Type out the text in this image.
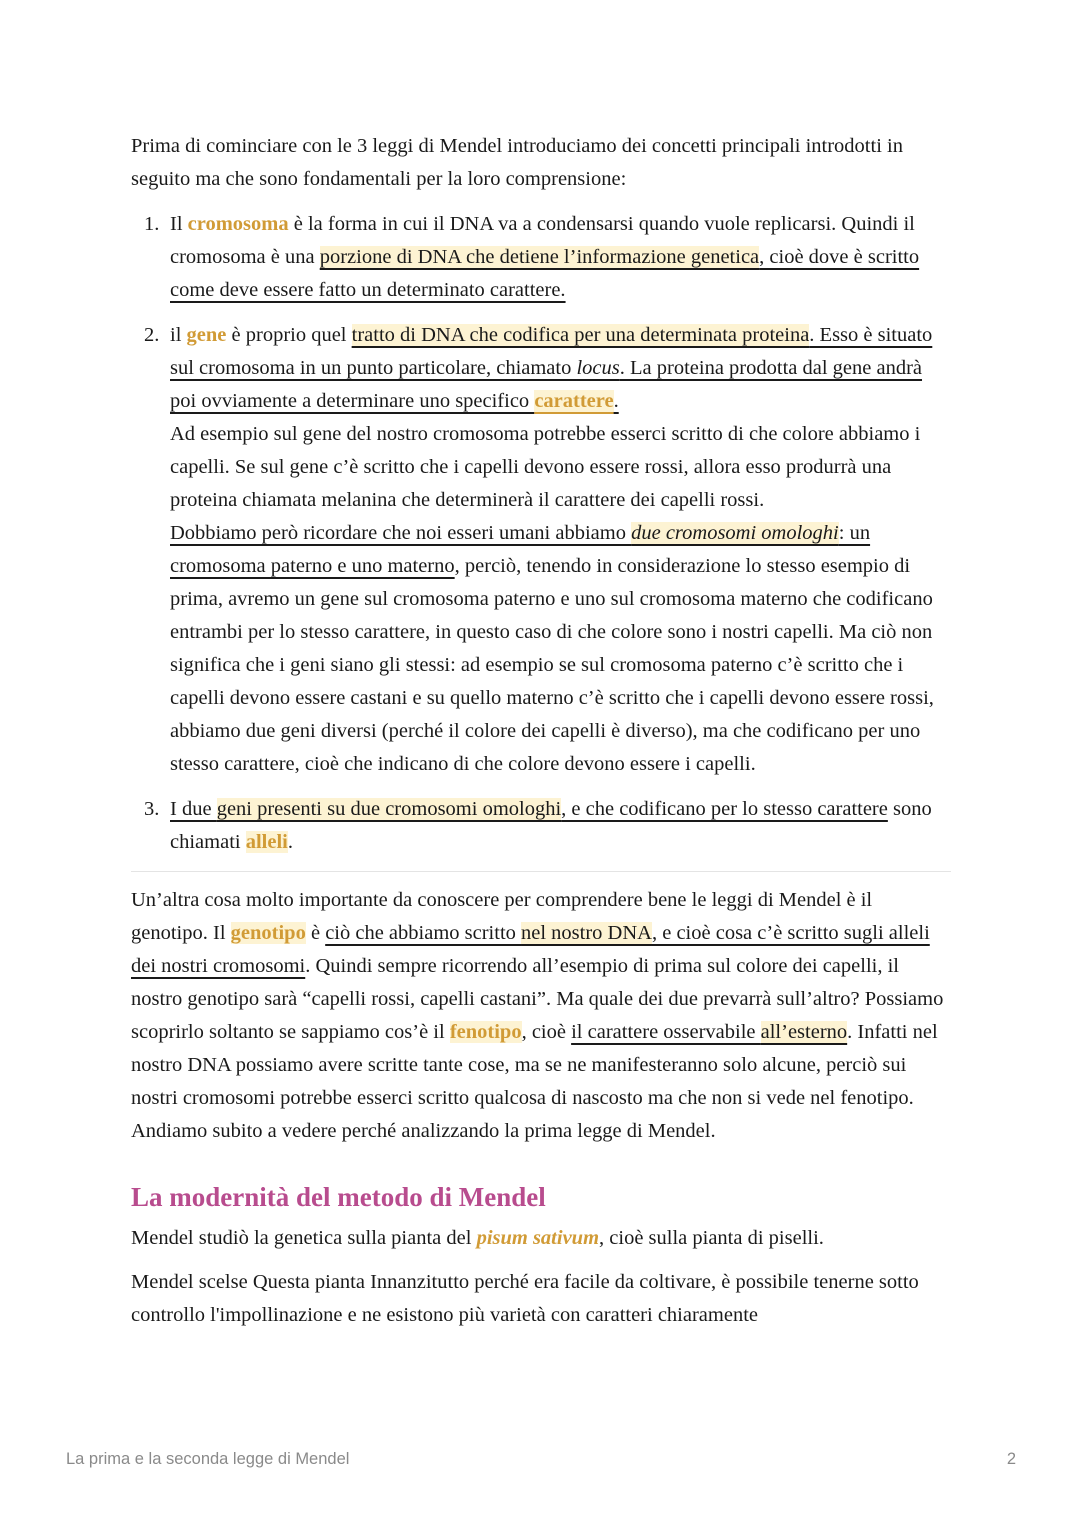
Prima di cominciare con le 3 leggi di Mendel introduciamo dei concetti principali introdotti in seguito ma che sono fondamentali per la loro comprensione:

1. Il cromosoma è la forma in cui il DNA va a condensarsi quando vuole replicarsi. Quindi il cromosoma è una porzione di DNA che detiene l’informazione genetica, cioè dove è scritto come deve essere fatto un determinato carattere.
2. il gene è proprio quel tratto di DNA che codifica per una determinata proteina. Esso è situato sul cromosoma in un punto particolare, chiamato locus. La proteina prodotta dal gene andrà poi ovviamente a determinare uno specifico carattere.
Ad esempio sul gene del nostro cromosoma potrebbe esserci scritto di che colore abbiamo i capelli. Se sul gene c’è scritto che i capelli devono essere rossi, allora esso produrrà una proteina chiamata melanina che determinerà il carattere dei capelli rossi.
Dobbiamo però ricordare che noi esseri umani abbiamo due cromosomi omologhi: un cromosoma paterno e uno materno, perciò, tenendo in considerazione lo stesso esempio di prima, avremo un gene sul cromosoma paterno e uno sul cromosoma materno che codificano entrambi per lo stesso carattere, in questo caso di che colore sono i nostri capelli. Ma ciò non significa che i geni siano gli stessi: ad esempio se sul cromosoma paterno c’è scritto che i capelli devono essere castani e su quello materno c’è scritto che i capelli devono essere rossi, abbiamo due geni diversi (perché il colore dei capelli è diverso), ma che codificano per uno stesso carattere, cioè che indicano di che colore devono essere i capelli.
3. I due geni presenti su due cromosomi omologhi, e che codificano per lo stesso carattere sono chiamati alleli.

Un’altra cosa molto importante da conoscere per comprendere bene le leggi di Mendel è il genotipo. Il genotipo è ciò che abbiamo scritto nel nostro DNA, e cioè cosa c’è scritto sugli alleli dei nostri cromosomi. Quindi sempre ricorrendo all’esempio di prima sul colore dei capelli, il nostro genotipo sarà “capelli rossi, capelli castani”. Ma quale dei due prevarrà sull’altro? Possiamo scoprirlo soltanto se sappiamo cos’è il fenotipo, cioè il carattere osservabile all’esterno. Infatti nel nostro DNA possiamo avere scritte tante cose, ma se ne manifesteranno solo alcune, perciò sui nostri cromosomi potrebbe esserci scritto qualcosa di nascosto ma che non si vede nel fenotipo.
Andiamo subito a vedere perché analizzando la prima legge di Mendel.

La modernità del metodo di Mendel

Mendel studiò la genetica sulla pianta del pisum sativum, cioè sulla pianta di piselli.

Mendel scelse Questa pianta Innanzitutto perché era facile da coltivare, è possibile tenerne sotto controllo l'impollinazione e ne esistono più varietà con caratteri chiaramente

La prima e la seconda legge di Mendel	2
